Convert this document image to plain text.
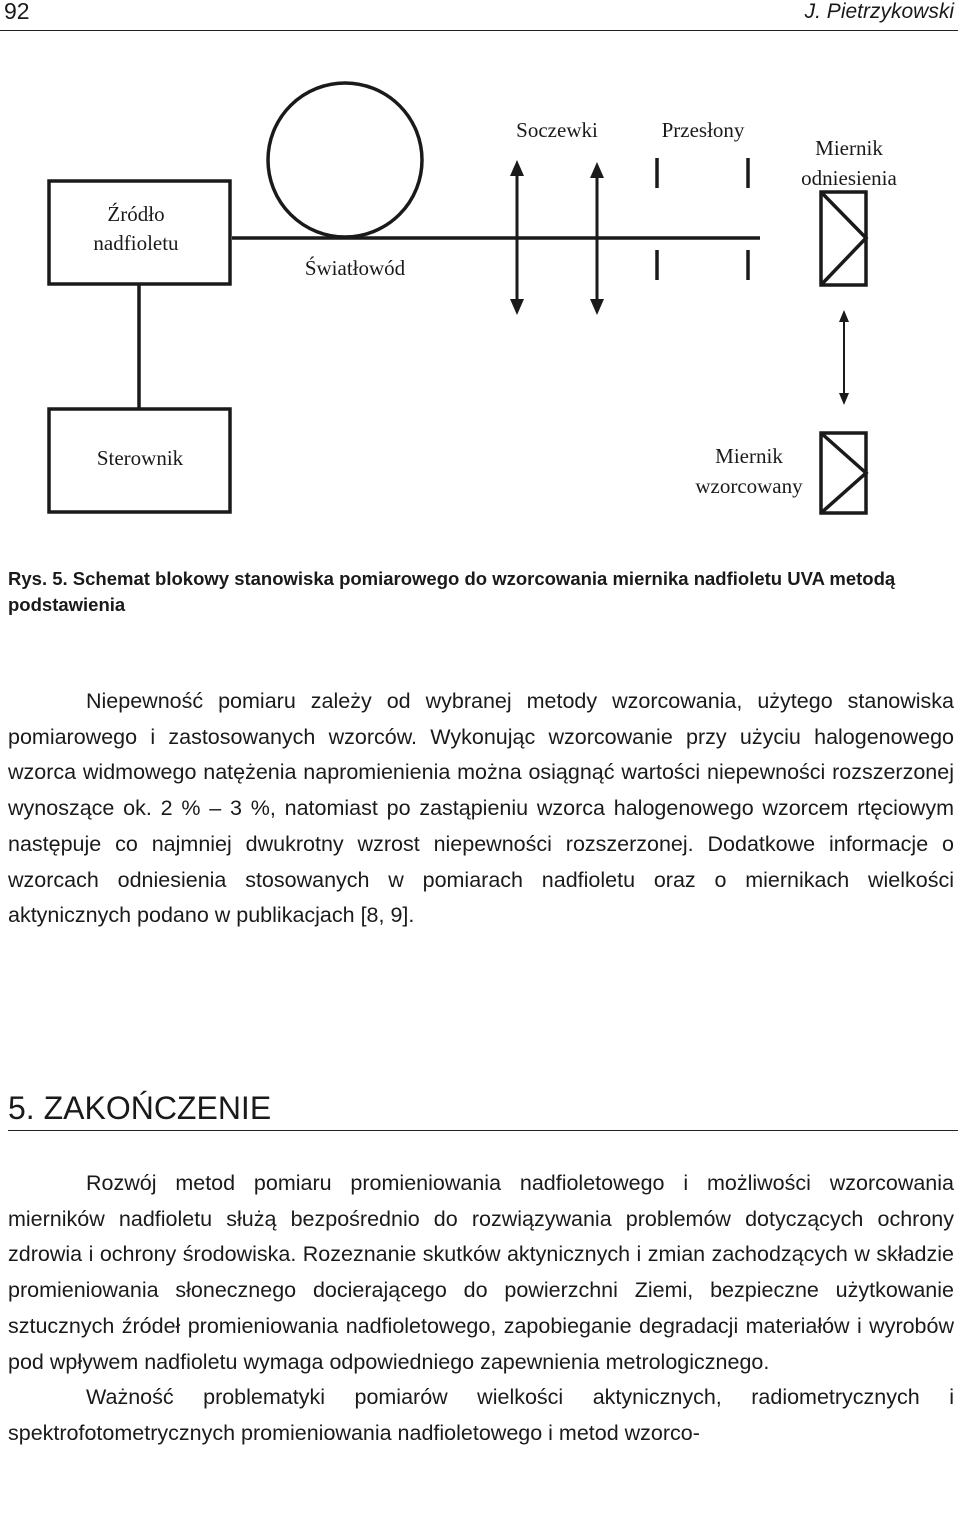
92	J. Pietrzykowski
Źródło
nadfioletu
Światłowód
Soczewki	Przesłony
Miernik
odniesienia
Sterownik	Miernik
wzorcowany

Rys. 5. Schemat blokowy stanowiska pomiarowego do wzorcowania miernika nadfioletu UVA metodą podstawienia

Niepewność pomiaru zależy od wybranej metody wzorcowania, użytego stanowiska pomiarowego i zastosowanych wzorców. Wykonując wzorcowanie przy użyciu halogenowego wzorca widmowego natężenia napromienienia można osiągnąć wartości niepewności rozszerzonej wynoszące ok. 2 % – 3 %, natomiast po zastąpieniu wzorca halogenowego wzorcem rtęciowym następuje co najmniej dwukrotny wzrost niepewności rozszerzonej. Dodatkowe informacje o wzorcach odniesienia stosowanych w pomiarach nadfioletu oraz o miernikach wielkości aktynicznych podano w publikacjach [8, 9].

5. ZAKOŃCZENIE

Rozwój metod pomiaru promieniowania nadfioletowego i możliwości wzorcowania mierników nadfioletu służą bezpośrednio do rozwiązywania problemów dotyczących ochrony zdrowia i ochrony środowiska. Rozeznanie skutków aktynicznych i zmian zachodzących w składzie promieniowania słonecznego docierającego do powierzchni Ziemi, bezpieczne użytkowanie sztucznych źródeł promieniowania nadfioletowego, zapobieganie degradacji materiałów i wyrobów pod wpływem nadfioletu wymaga odpowiedniego zapewnienia metrologicznego.

Ważność problematyki pomiarów wielkości aktynicznych, radiometrycznych i spektrofotometrycznych promieniowania nadfioletowego i metod wzorco-
